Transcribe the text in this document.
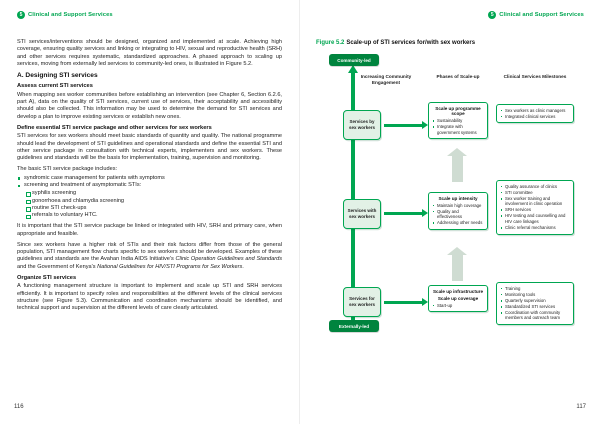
5 Clinical and Support Services

STI services/interventions should be designed, organized and implemented at scale. Achieving high coverage, ensuring quality services and linking or integrating to HIV, sexual and reproductive health (SRH) and other services requires systematic, standardized approaches. A phased approach to scaling up services, moving from externally led services to community-led ones, is illustrated in Figure 5.2.

A. Designing STI services
Assess current STI services

When mapping sex worker communities before establishing an intervention (see Chapter 6, Section 6.2.6, part A), data on the quality of STI services, current use of services, their acceptability and accessibility should also be collected. This information may be used to determine the demand for STI services and develop a plan to improve existing services or establish new ones.

Define essential STI service package and other services for sex workers

STI services for sex workers should meet basic standards of quantity and quality. The national programme should lead the development of STI guidelines and operational standards and define the essential STI and other service package in consultation with technical experts, implementers and sex workers. These guidelines and standards will be the basis for implementation, training, supervision and monitoring.

The basic STI service package includes:

syndromic case management for patients with symptoms
screening and treatment of asymptomatic STIs:
syphilis screening
gonorrhoea and chlamydia screening
routine STI check-ups
referrals to voluntary HTC.

It is important that the STI service package be linked or integrated with HIV, SRH and primary care, when appropriate and feasible.

Since sex workers have a higher risk of STIs and their risk factors differ from those of the general population, STI management flow charts specific to sex workers should be developed. Examples of these guidelines and standards are the Avahan India AIDS Initiative's Clinic Operation Guidelines and Standards and the Government of Kenya's National Guidelines for HIV/STI Programs for Sex Workers.

Organize STI services

A functioning management structure is important to implement and scale up STI and SRH services efficiently. It is important to specify roles and responsibilities at the different levels of the clinical services structure (see Figure 5.3). Communication and coordination mechanisms should be identified, and technical support and supervision at the different levels of care clearly articulated.

116
5 Clinical and Support Services
Figure 5.2 Scale-up of STI services for/with sex workers
Community-led
Externally-led
Increasing Community Engagement
Phases of Scale-up	Clinical Services Milestones
Services by sex workers
Scale up programme scope
Sustainability
Integrate with government systems
Sex workers as clinic managers
Integrated clinical services
Services with sex workers
Scale up intensity
Maintain high coverage
Quality and effectiveness
Addressing other needs
Quality assurance of clinics
STI committee
Sex worker training and involvement in clinic operation
SRH services
HIV testing and counselling and HIV care linkages
Clinic referral mechanisms
Services for sex workers
Scale up infrastructure
Scale up coverage
Start-up
Training
Monitoring tools
Quarterly supervision
Standardized STI services
Coordination with community members and outreach team
117
